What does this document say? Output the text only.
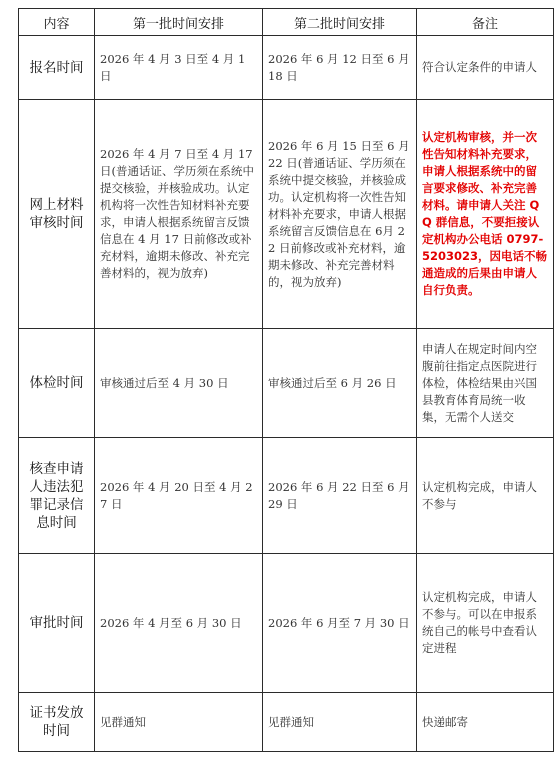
内容	第一批时间安排	第二批时间安排	备注
报名时间	2026 年 4 月 3 日至 4 月 1 日	2026 年 6 月 12 日至 6 月 18 日	符合认定条件的申请人
网上材料审核时间	2026 年 4 月 7 日至 4 月 17 日(普通话证、学历须在系统中提交核验，并核验成功。认定机构将一次性告知材料补充要求，申请人根据系统留言反馈信息在 4 月 17 日前修改或补充材料，逾期未修改、补充完善材料的，视为放弃)	2026 年 6 月 15 日至 6 月 22 日(普通话证、学历须在系统中提交核验，并核验成功。认定机构将一次性告知材料补充要求，申请人根据系统留言反馈信息在 6月 22 日前修改或补充材料，逾期未修改、补充完善材料的，视为放弃)	认定机构审核，并一次性告知材料补充要求，申请人根据系统中的留言要求修改、补充完善材料。请申请人关注 QQ 群信息，不要拒接认定机构办公电话 0797-5203023，因电话不畅通造成的后果由申请人自行负责。
体检时间	审核通过后至 4 月 30 日	审核通过后至 6 月 26 日	申请人在规定时间内空腹前往指定点医院进行体检，体检结果由兴国县教育体育局统一收集，无需个人送交
核查申请人违法犯罪记录信息时间	2026 年 4 月 20 日至 4 月 27 日	2026 年 6 月 22 日至 6 月 29 日	认定机构完成，申请人不参与
审批时间	2026 年 4 月至 6 月 30 日	2026 年 6 月至 7 月 30 日	认定机构完成，申请人不参与。可以在申报系统自己的帐号中查看认定进程
证书发放时间	见群通知	见群通知	快递邮寄
